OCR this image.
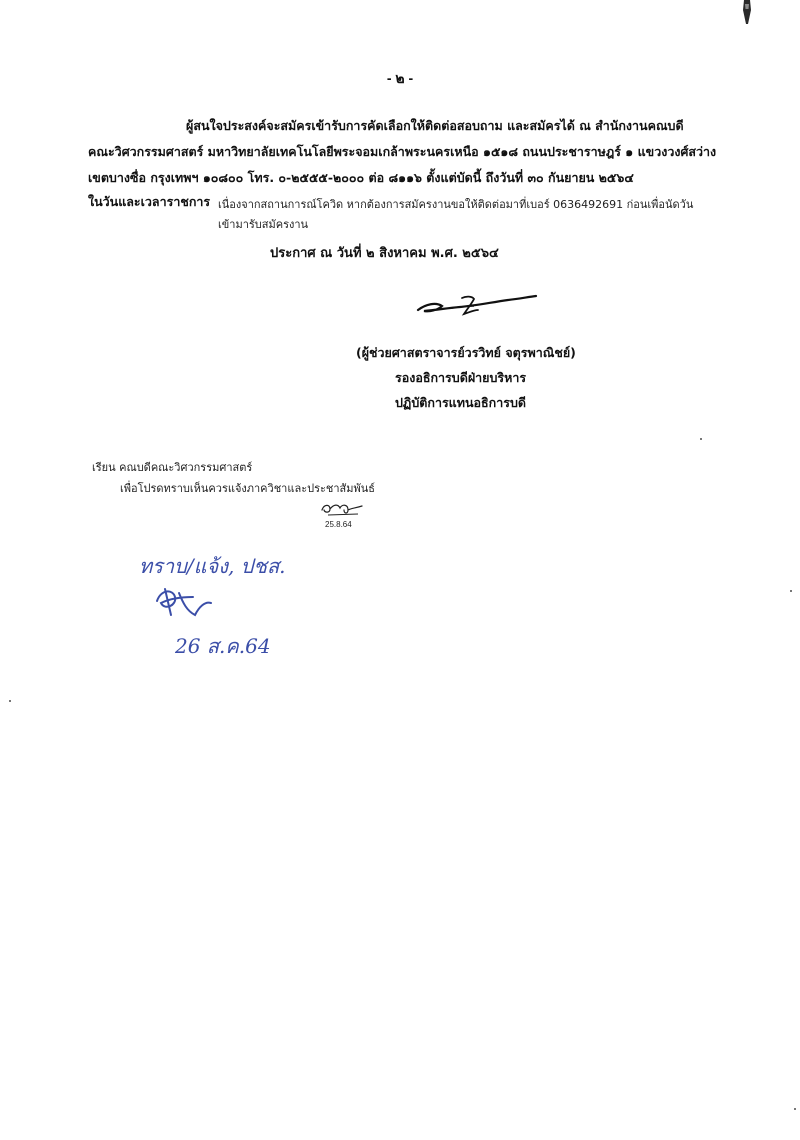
- ๒ -
ผู้สนใจประสงค์จะสมัครเข้ารับการคัดเลือกให้ติดต่อสอบถาม และสมัครได้ ณ สำนักงานคณบดี
คณะวิศวกรรมศาสตร์ มหาวิทยาลัยเทคโนโลยีพระจอมเกล้าพระนครเหนือ ๑๕๑๘ ถนนประชาราษฎร์ ๑ แขวงวงศ์สว่าง
เขตบางซื่อ กรุงเทพฯ ๑๐๘๐๐ โทร. ๐-๒๕๕๕-๒๐๐๐ ต่อ ๘๑๑๖ ตั้งแต่บัดนี้ ถึงวันที่ ๓๐ กันยายน ๒๕๖๔
ในวันและเวลาราชการ เนื่องจากสถานการณ์โควิด หากต้องการสมัครงานขอให้ติดต่อมาที่เบอร์ 0636492691 ก่อนเพื่อนัดวัน
เข้ามารับสมัครงาน
ประกาศ ณ วันที่ ๒ สิงหาคม พ.ศ. ๒๕๖๔
(ผู้ช่วยศาสตราจารย์วรวิทย์ จตุรพาณิชย์)
รองอธิการบดีฝ่ายบริหาร
ปฏิบัติการแทนอธิการบดี
เรียน คณบดีคณะวิศวกรรมศาสตร์
เพื่อโปรดทราบเห็นควรแจ้งภาควิชาและประชาสัมพันธ์
25.8.64
ทราบ/แจ้ง, ปชส.
26 ส.ค.64
